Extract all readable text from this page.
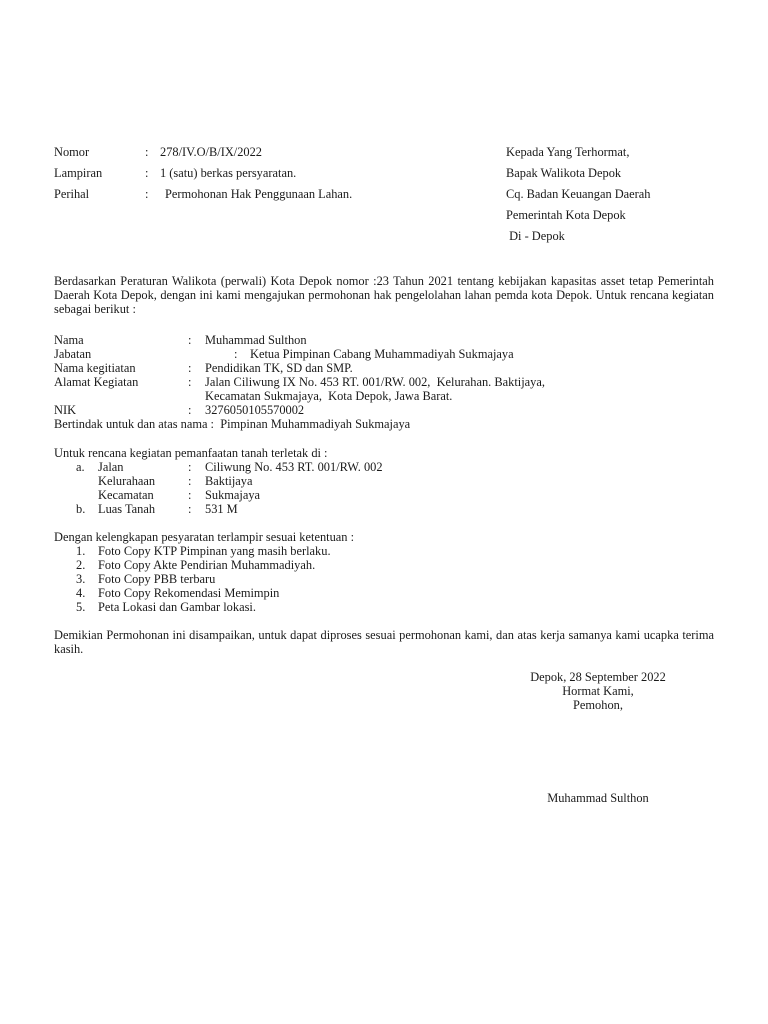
Nomor	: 278/IV.O/B/IX/2022
Lampiran	: 1 (satu) berkas persyaratan.
Perihal	: Permohonan Hak Penggunaan Lahan.
Kepada Yang Terhormat,
Bapak Walikota Depok
Cq. Badan Keuangan Daerah
Pemerintah Kota Depok
Di - Depok
Berdasarkan Peraturan Walikota (perwali) Kota Depok nomor :23 Tahun 2021 tentang kebijakan kapasitas asset tetap Pemerintah Daerah Kota Depok, dengan ini kami mengajukan permohonan hak pengelolahan lahan pemda kota Depok. Untuk rencana kegiatan sebagai berikut :
Nama	: Muhammad Sulthon
Jabatan	: Ketua Pimpinan Cabang Muhammadiyah Sukmajaya
Nama kegitiatan	: Pendidikan TK, SD dan SMP.
Alamat Kegiatan	: Jalan Ciliwung IX No. 453 RT. 001/RW. 002,  Kelurahan. Baktijaya,
Kecamatan Sukmajaya,  Kota Depok, Jawa Barat.
NIK	: 3276050105570002
Bertindak untuk dan atas nama :  Pimpinan Muhammadiyah Sukmajaya
Untuk rencana kegiatan pemanfaatan tanah terletak di :
a. Jalan	: Ciliwung No. 453 RT. 001/RW. 002
Kelurahaan	: Baktijaya
Kecamatan	: Sukmajaya
b. Luas Tanah	: 531 M
Dengan kelengkapan pesyaratan terlampir sesuai ketentuan :
1. Foto Copy KTP Pimpinan yang masih berlaku.
2. Foto Copy Akte Pendirian Muhammadiyah.
3. Foto Copy PBB terbaru
4. Foto Copy Rekomendasi Memimpin
5. Peta Lokasi dan Gambar lokasi.
Demikian Permohonan ini disampaikan, untuk dapat diproses sesuai permohonan kami, dan atas kerja samanya kami ucapka terima kasih.
Depok, 28 September 2022
Hormat Kami,
Pemohon,
Muhammad Sulthon
